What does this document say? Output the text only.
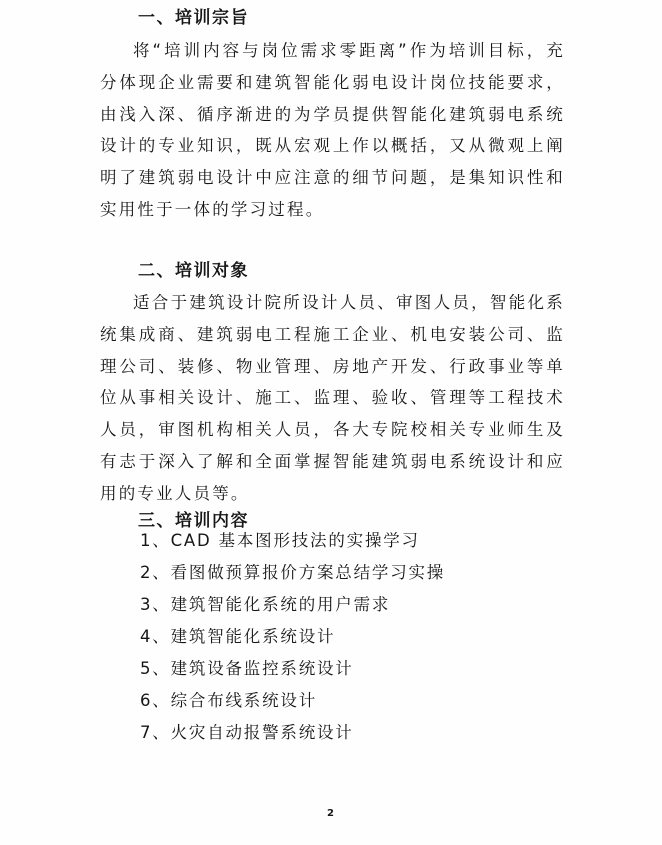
一、培训宗旨

将“培训内容与岗位需求零距离”作为培训目标，充分体现企业需要和建筑智能化弱电设计岗位技能要求，由浅入深、循序渐进的为学员提供智能化建筑弱电系统设计的专业知识，既从宏观上作以概括，又从微观上阐明了建筑弱电设计中应注意的细节问题，是集知识性和实用性于一体的学习过程。

二、培训对象

适合于建筑设计院所设计人员、审图人员，智能化系统集成商、建筑弱电工程施工企业、机电安装公司、监理公司、装修、物业管理、房地产开发、行政事业等单位从事相关设计、施工、监理、验收、管理等工程技术人员，审图机构相关人员，各大专院校相关专业师生及有志于深入了解和全面掌握智能建筑弱电系统设计和应用的专业人员等。

三、培训内容
1、CAD 基本图形技法的实操学习
2、看图做预算报价方案总结学习实操
3、建筑智能化系统的用户需求
4、建筑智能化系统设计
5、建筑设备监控系统设计
6、综合布线系统设计
7、火灾自动报警系统设计
2
